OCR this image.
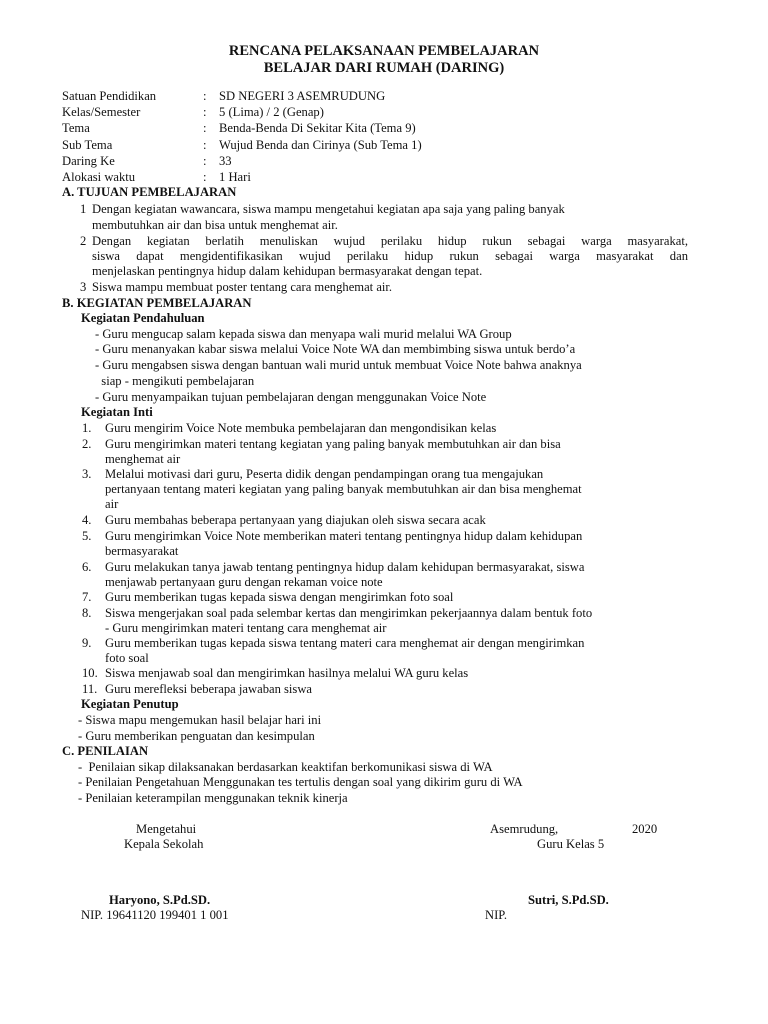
RENCANA PELAKSANAAN PEMBELAJARAN
BELAJAR DARI RUMAH (DARING)
Satuan Pendidikan	: SD NEGERI 3 ASEMRUDUNG
Kelas/Semester	: 5 (Lima) / 2 (Genap)
Tema	: Benda-Benda Di Sekitar Kita (Tema 9)
Sub Tema	: Wujud Benda dan Cirinya (Sub Tema 1)
Daring Ke	: 33
Alokasi waktu	: 1 Hari
A. TUJUAN PEMBELAJARAN
1 Dengan kegiatan wawancara, siswa mampu mengetahui kegiatan apa saja yang paling banyak
membutuhkan air dan bisa untuk menghemat air.
2 Dengan kegiatan berlatih menuliskan wujud perilaku hidup rukun sebagai warga masyarakat,
siswa dapat mengidentifikasikan wujud perilaku hidup rukun sebagai warga masyarakat dan
menjelaskan pentingnya hidup dalam kehidupan bermasyarakat dengan tepat.
3 Siswa mampu membuat poster tentang cara menghemat air.
B. KEGIATAN PEMBELAJARAN
Kegiatan Pendahuluan
- Guru mengucap salam kepada siswa dan menyapa wali murid melalui WA Group
- Guru menanyakan kabar siswa melalui Voice Note WA dan membimbing siswa untuk berdo’a
- Guru mengabsen siswa dengan bantuan wali murid untuk membuat Voice Note bahwa anaknya
siap - mengikuti pembelajaran
- Guru menyampaikan tujuan pembelajaran dengan menggunakan Voice Note
Kegiatan Inti
1. Guru mengirim Voice Note membuka pembelajaran dan mengondisikan kelas
2. Guru mengirimkan materi tentang kegiatan yang paling banyak membutuhkan air dan bisa
menghemat air
3. Melalui motivasi dari guru, Peserta didik dengan pendampingan orang tua mengajukan
pertanyaan tentang materi kegiatan yang paling banyak membutuhkan air dan bisa menghemat
air
4. Guru membahas beberapa pertanyaan yang diajukan oleh siswa secara acak
5. Guru mengirimkan Voice Note memberikan materi tentang pentingnya hidup dalam kehidupan
bermasyarakat
6. Guru melakukan tanya jawab tentang pentingnya hidup dalam kehidupan bermasyarakat, siswa
menjawab pertanyaan guru dengan rekaman voice note
7. Guru memberikan tugas kepada siswa dengan mengirimkan foto soal
8. Siswa mengerjakan soal pada selembar kertas dan mengirimkan pekerjaannya dalam bentuk foto
- Guru mengirimkan materi tentang cara menghemat air
9. Guru memberikan tugas kepada siswa tentang materi cara menghemat air dengan mengirimkan
foto soal
10. Siswa menjawab soal dan mengirimkan hasilnya melalui WA guru kelas
11. Guru merefleksi beberapa jawaban siswa
Kegiatan Penutup
- Siswa mapu mengemukan hasil belajar hari ini
- Guru memberikan penguatan dan kesimpulan
C. PENILAIAN
-  Penilaian sikap dilaksanakan berdasarkan keaktifan berkomunikasi siswa di WA
- Penilaian Pengetahuan Menggunakan tes tertulis dengan soal yang dikirim guru di WA
- Penilaian keterampilan menggunakan teknik kinerja
Mengetahui
Kepala Sekolah
Haryono, S.Pd.SD.
NIP. 19641120 199401 1 001
Asemrudung,	2020
Guru Kelas 5
Sutri, S.Pd.SD.
NIP.
